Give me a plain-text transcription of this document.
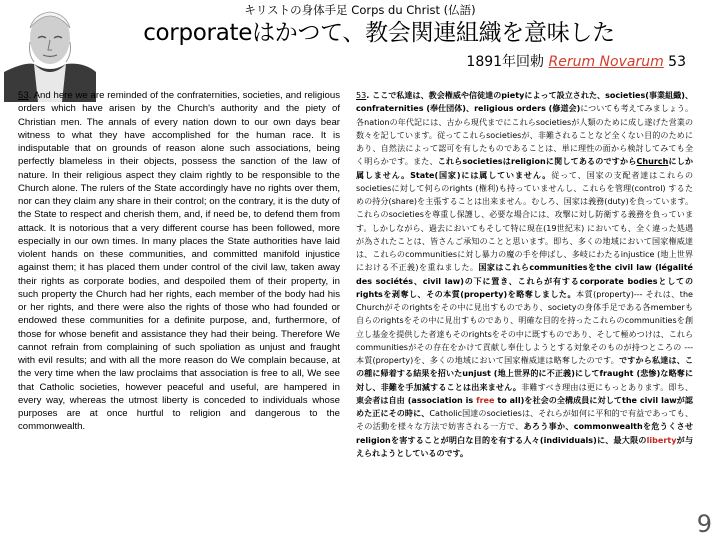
キリストの身体手足 Corps du Christ (仏語)
corporateはかつて、教会関連組織を意味した
1891年回勅 Rerum Novarum 53
53. And here we are reminded of the confraternities, societies, and religious orders which have arisen by the Church's authority and the piety of Christian men. The annals of every nation down to our own days bear witness to what they have accomplished for the human race. It is indisputable that on grounds of reason alone such associations, being perfectly blameless in their objects, possess the sanction of the law of nature. In their religious aspect they claim rightly to be responsible to the Church alone. The rulers of the State accordingly have no rights over them, nor can they claim any share in their control; on the contrary, it is the duty of the State to respect and cherish them, and, if need be, to defend them from attack. It is notorious that a very different course has been followed, more especially in our own times. In many places the State authorities have laid violent hands on these communities, and committed manifold injustice against them; it has placed them under control of the civil law, taken away their rights as corporate bodies, and despoiled them of their property, in such property the Church had her rights, each member of the body had his or her rights, and there were also the rights of those who had founded or endowed these communities for a definite purpose, and, furthermore, of those for whose benefit and assistance they had their being. Therefore We cannot refrain from complaining of such spoliation as unjust and fraught with evil results; and with all the more reason do We complain because, at the very time when the law proclaims that association is free to all, We see that Catholic societies, however peaceful and useful, are hampered in every way, whereas the utmost liberty is conceded to individuals whose purposes are at once hurtful to religion and dangerous to the commonwealth.
53. ここで私達は、教会権威や信徒達のpietyによって設立された、societies(事業組織)、confraternities (奉仕団体)、religious orders (修道会)についても考えてみましょう。各nationの年代記には、古から現代までにこれらsocietiesが人類のために成し遂げた営業の数々を記しています。従ってこれらsocietiesが、非難されることなど全くない目的のためにあり、自然法によって認可を有したものであることは、単に理性の面から検討してみても全く明らかです。また、これらsocietiesはreligionに関してあるのですからChurchにしか属しません。State(国家)には属していません。従って、国家の支配者達はこれらのsocietiesに対して何らのrights (権利)も持っていませんし、これらを管理(control) するための持分(share)を主張することは出来ません。むしろ、国家は義務(duty)を負っています。これらのsocietiesを尊重し保護し、必要な場合には、攻撃に対し防衛する義務を負っています。しかしながら、過去においてもそして特に現在(19世紀末) においても、全く違った処遇が為されたことは、皆さんご承知のことと思います。即ち、多くの地域において国家権威達は、これらのcommunitiesに対し暴力の魔の手を伸ばし、多岐にわたるinjustice (地上世界における不正義)を重ねました。国家はこれらcommunitiesをthe civil law (légalité des sociétés、civil law)の下に置き、これらが有するcorporate bodiesとしてのrightsを剥奪し、その本質(property)を略奪しました。本質(property)--- それは、the Churchがそのrightsをその中に見出すものであり、societyの身体手足である各memberも自らのrightsをその中に見出すものであり、明確な目的を持ったこれらのcommunitiesを創立し基金を提供した者達もそのrightsをその中に既すものであり、そして極めつけは、これらcommunitiesがその存在をかけて貢献し奉仕しようとする対象そのものが持つところの --- 本質(property)を、多くの地域において国家権威達は略奪したのです。ですから私達は、この種に帰着する結果を招いたunjust (地上世界的に不正義)にしてfraught (悲惨)な略奪に対し、非難を手加減することは出来ません。非難すべき理由は更にもっとあります。即ち、東会者は自由 (association is free to all)を社会の全構成員に対してthe civil lawが認めた正にその時に、Catholic国達のsocietiesは、それらが如何に平和的で有益であっても、その活動を様々な方法で妨害される一方で、あろう事か、commonwealthを危うくさせreligionを害することが明白な目的を有する人々(individuals)に、最大限のlibertyが与えられようとしているのです。
9
